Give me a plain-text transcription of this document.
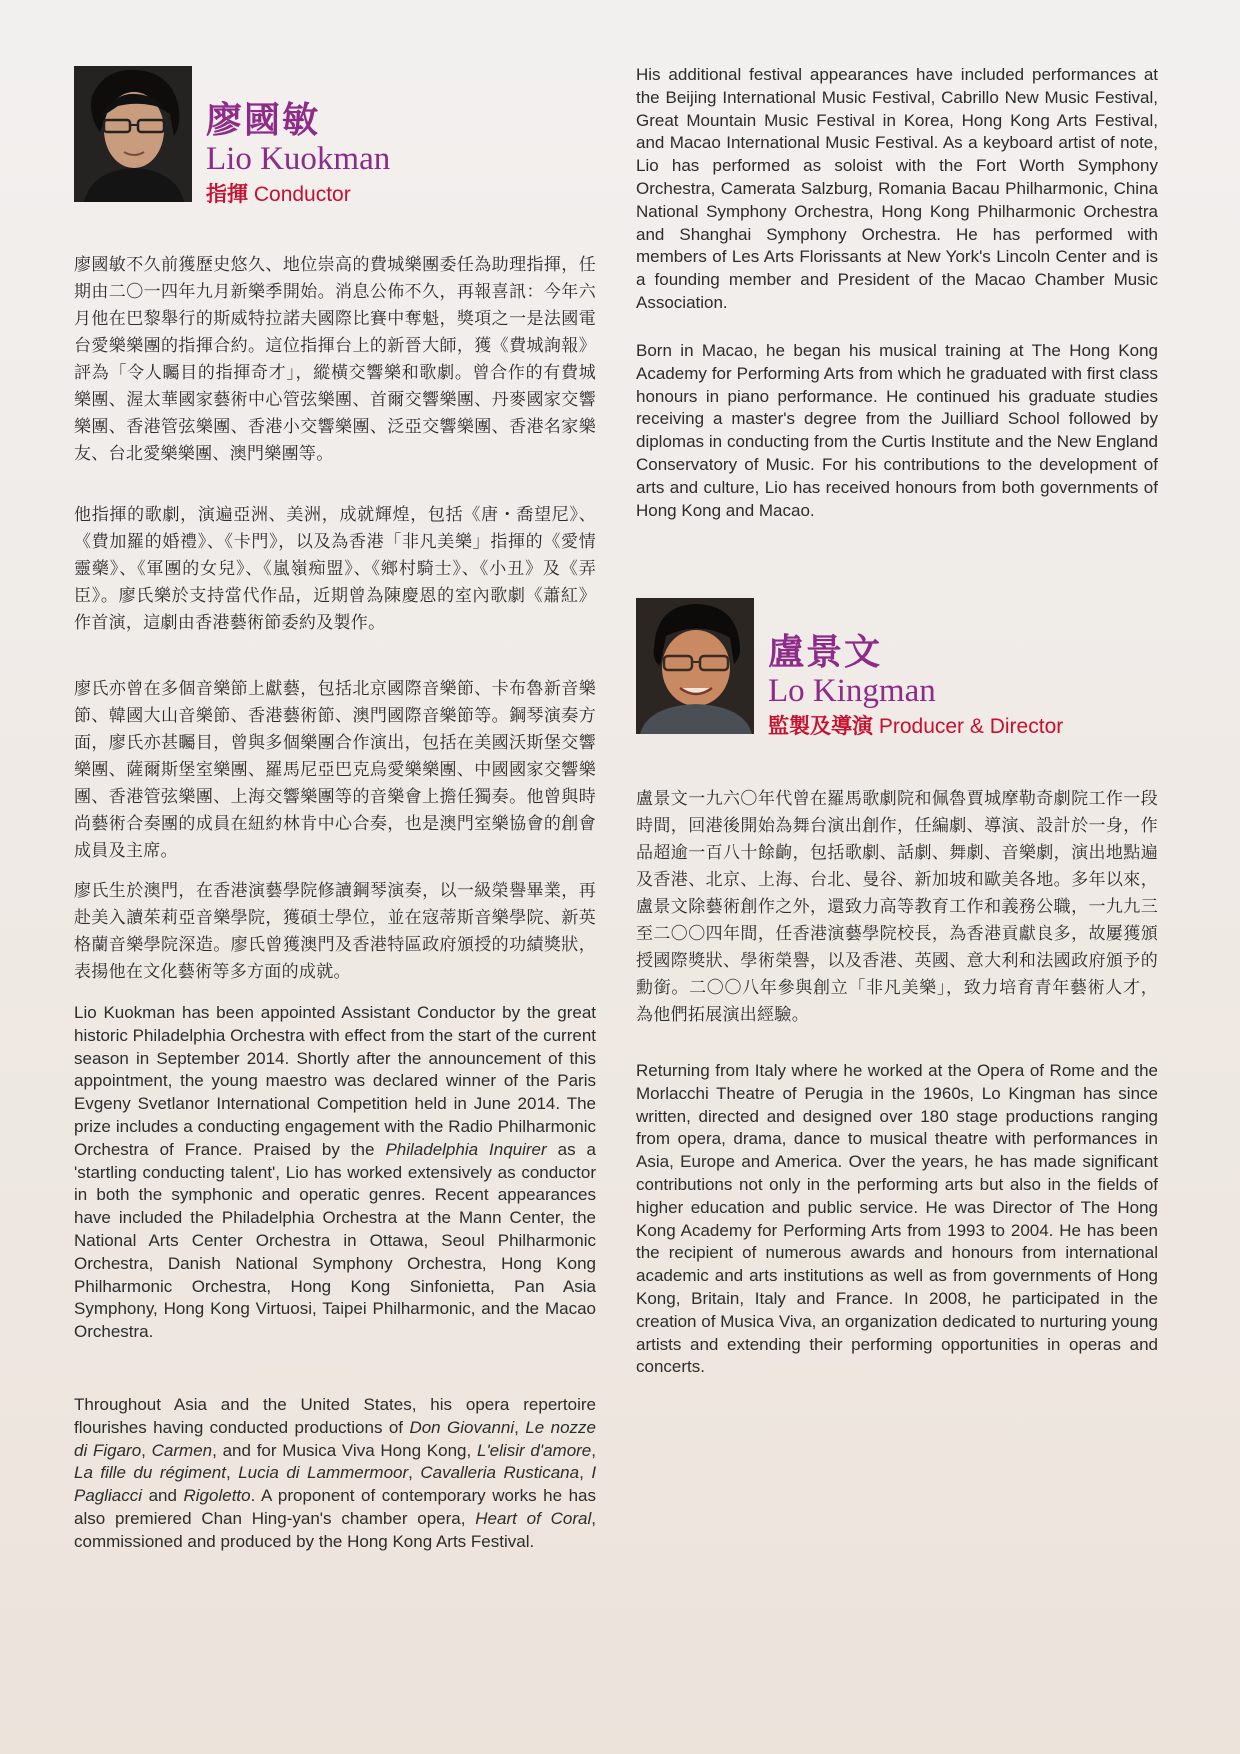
廖國敏
Lio Kuokman
指揮 Conductor

廖國敏不久前獲歷史悠久、地位崇高的費城樂團委任為助理指揮，任期由二〇一四年九月新樂季開始。消息公佈不久，再報喜訊：今年六月他在巴黎舉行的斯威特拉諾夫國際比賽中奪魁，獎項之一是法國電台愛樂樂團的指揮合約。這位指揮台上的新晉大師，獲《費城詢報》評為「令人矚目的指揮奇才」，縱橫交響樂和歌劇。曾合作的有費城樂團、渥太華國家藝術中心管弦樂團、首爾交響樂團、丹麥國家交響樂團、香港管弦樂團、香港小交響樂團、泛亞交響樂團、香港名家樂友、台北愛樂樂團、澳門樂團等。

他指揮的歌劇，演遍亞洲、美洲，成就輝煌，包括《唐・喬望尼》、《費加羅的婚禮》、《卡門》，以及為香港「非凡美樂」指揮的《愛情靈藥》、《軍團的女兒》、《嵐嶺痴盟》、《鄉村騎士》、《小丑》及《弄臣》。廖氏樂於支持當代作品，近期曾為陳慶恩的室內歌劇《蕭紅》作首演，這劇由香港藝術節委約及製作。

廖氏亦曾在多個音樂節上獻藝，包括北京國際音樂節、卡布魯新音樂節、韓國大山音樂節、香港藝術節、澳門國際音樂節等。鋼琴演奏方面，廖氏亦甚矚目，曾與多個樂團合作演出，包括在美國沃斯堡交響樂團、薩爾斯堡室樂團、羅馬尼亞巴克烏愛樂樂團、中國國家交響樂團、香港管弦樂團、上海交響樂團等的音樂會上擔任獨奏。他曾與時尚藝術合奏團的成員在紐約林肯中心合奏，也是澳門室樂協會的創會成員及主席。

廖氏生於澳門，在香港演藝學院修讀鋼琴演奏，以一級榮譽畢業，再赴美入讀茱莉亞音樂學院，獲碩士學位，並在寇蒂斯音樂學院、新英格蘭音樂學院深造。廖氏曾獲澳門及香港特區政府頒授的功績獎狀，表揚他在文化藝術等多方面的成就。

Lio Kuokman has been appointed Assistant Conductor by the great historic Philadelphia Orchestra with effect from the start of the current season in September 2014. Shortly after the announcement of this appointment, the young maestro was declared winner of the Paris Evgeny Svetlanor International Competition held in June 2014. The prize includes a conducting engagement with the Radio Philharmonic Orchestra of France. Praised by the Philadelphia Inquirer as a 'startling conducting talent', Lio has worked extensively as conductor in both the symphonic and operatic genres. Recent appearances have included the Philadelphia Orchestra at the Mann Center, the National Arts Center Orchestra in Ottawa, Seoul Philharmonic Orchestra, Danish National Symphony Orchestra, Hong Kong Philharmonic Orchestra, Hong Kong Sinfonietta, Pan Asia Symphony, Hong Kong Virtuosi, Taipei Philharmonic, and the Macao Orchestra.

Throughout Asia and the United States, his opera repertoire flourishes having conducted productions of Don Giovanni, Le nozze di Figaro, Carmen, and for Musica Viva Hong Kong, L'elisir d'amore, La fille du régiment, Lucia di Lammermoor, Cavalleria Rusticana, I Pagliacci and Rigoletto. A proponent of contemporary works he has also premiered Chan Hing-yan's chamber opera, Heart of Coral, commissioned and produced by the Hong Kong Arts Festival.

His additional festival appearances have included performances at the Beijing International Music Festival, Cabrillo New Music Festival, Great Mountain Music Festival in Korea, Hong Kong Arts Festival, and Macao International Music Festival. As a keyboard artist of note, Lio has performed as soloist with the Fort Worth Symphony Orchestra, Camerata Salzburg, Romania Bacau Philharmonic, China National Symphony Orchestra, Hong Kong Philharmonic Orchestra and Shanghai Symphony Orchestra. He has performed with members of Les Arts Florissants at New York's Lincoln Center and is a founding member and President of the Macao Chamber Music Association.

Born in Macao, he began his musical training at The Hong Kong Academy for Performing Arts from which he graduated with first class honours in piano performance. He continued his graduate studies receiving a master's degree from the Juilliard School followed by diplomas in conducting from the Curtis Institute and the New England Conservatory of Music. For his contributions to the development of arts and culture, Lio has received honours from both governments of Hong Kong and Macao.

盧景文
Lo Kingman
監製及導演 Producer & Director

盧景文一九六〇年代曾在羅馬歌劇院和佩魯賈城摩勒奇劇院工作一段時間，回港後開始為舞台演出創作，任編劇、導演、設計於一身，作品超逾一百八十餘齣，包括歌劇、話劇、舞劇、音樂劇，演出地點遍及香港、北京、上海、台北、曼谷、新加坡和歐美各地。多年以來，盧景文除藝術創作之外，還致力高等教育工作和義務公職，一九九三至二〇〇四年間，任香港演藝學院校長，為香港貢獻良多，故屢獲頒授國際獎狀、學術榮譽，以及香港、英國、意大利和法國政府頒予的勳銜。二〇〇八年參與創立「非凡美樂」，致力培育青年藝術人才，為他們拓展演出經驗。

Returning from Italy where he worked at the Opera of Rome and the Morlacchi Theatre of Perugia in the 1960s, Lo Kingman has since written, directed and designed over 180 stage productions ranging from opera, drama, dance to musical theatre with performances in Asia, Europe and America. Over the years, he has made significant contributions not only in the performing arts but also in the fields of higher education and public service. He was Director of The Hong Kong Academy for Performing Arts from 1993 to 2004. He has been the recipient of numerous awards and honours from international academic and arts institutions as well as from governments of Hong Kong, Britain, Italy and France. In 2008, he participated in the creation of Musica Viva, an organization dedicated to nurturing young artists and extending their performing opportunities in operas and concerts.
